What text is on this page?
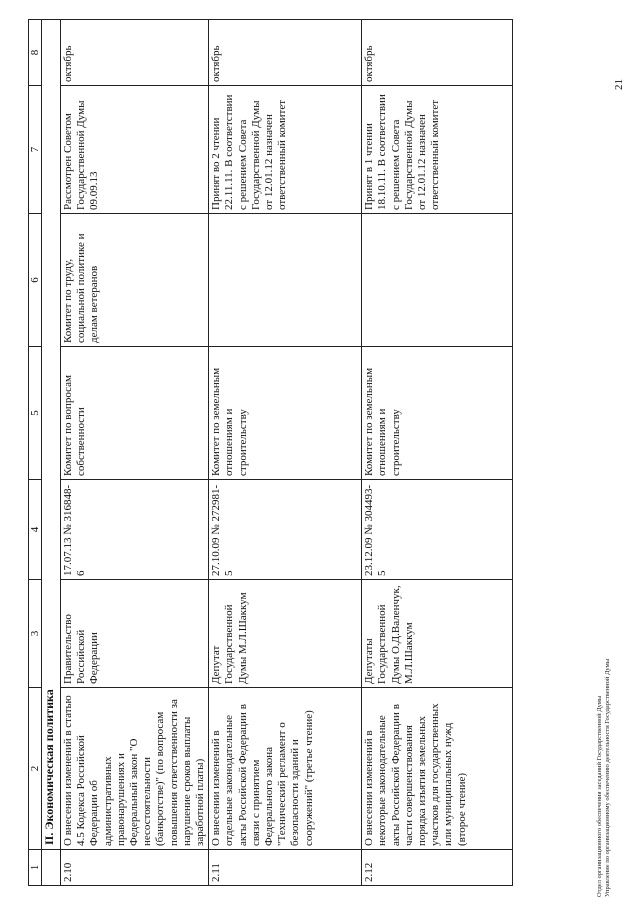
1	2	3	4	5	6	7	8
	II. Экономическая политика						
2.10	О внесении изменений в статью 4.5 Кодекса Российской Федерации об административных правонарушениях и Федеральный закон "О несостоятельности (банкротстве)" (по вопросам повышения ответственности за нарушение сроков выплаты заработной платы)	Правительство Российской Федерации	17.07.13 № 316848-6	Комитет по вопросам собственности	Комитет по труду, социальной политике и делам ветеранов	Рассмотрен Советом Государственной Думы 09.09.13	октябрь
2.11	О внесении изменений в отдельные законодательные акты Российской Федерации в связи с принятием Федерального закона "Технический регламент о безопасности зданий и сооружений" (третье чтение)	Депутат Государственной Думы М.Л.Шаккум	27.10.09 № 272981-5	Комитет по земельным отношениям и строительству		Принят во 2 чтении 22.11.11. В соответствии с решением Совета Государственной Думы от 12.01.12 назначен ответственный комитет	октябрь
2.12	О внесении изменений в некоторые законодательные акты Российской Федерации в части совершенствования порядка изъятия земельных участков для государственных или муниципальных нужд (второе чтение)	Депутаты Государственной Думы О.Д.Валенчук, М.Л.Шаккум	23.12.09 № 304493-5	Комитет по земельным отношениям и строительству		Принят в 1 чтении 18.10.11. В соответствии с решением Совета Государственной Думы от 12.01.12 назначен ответственный комитет	октябрь
Отдел организационного обеспечения заседаний Государственной Думы Управление по организационному обеспечению деятельности Государственной Думы
21
